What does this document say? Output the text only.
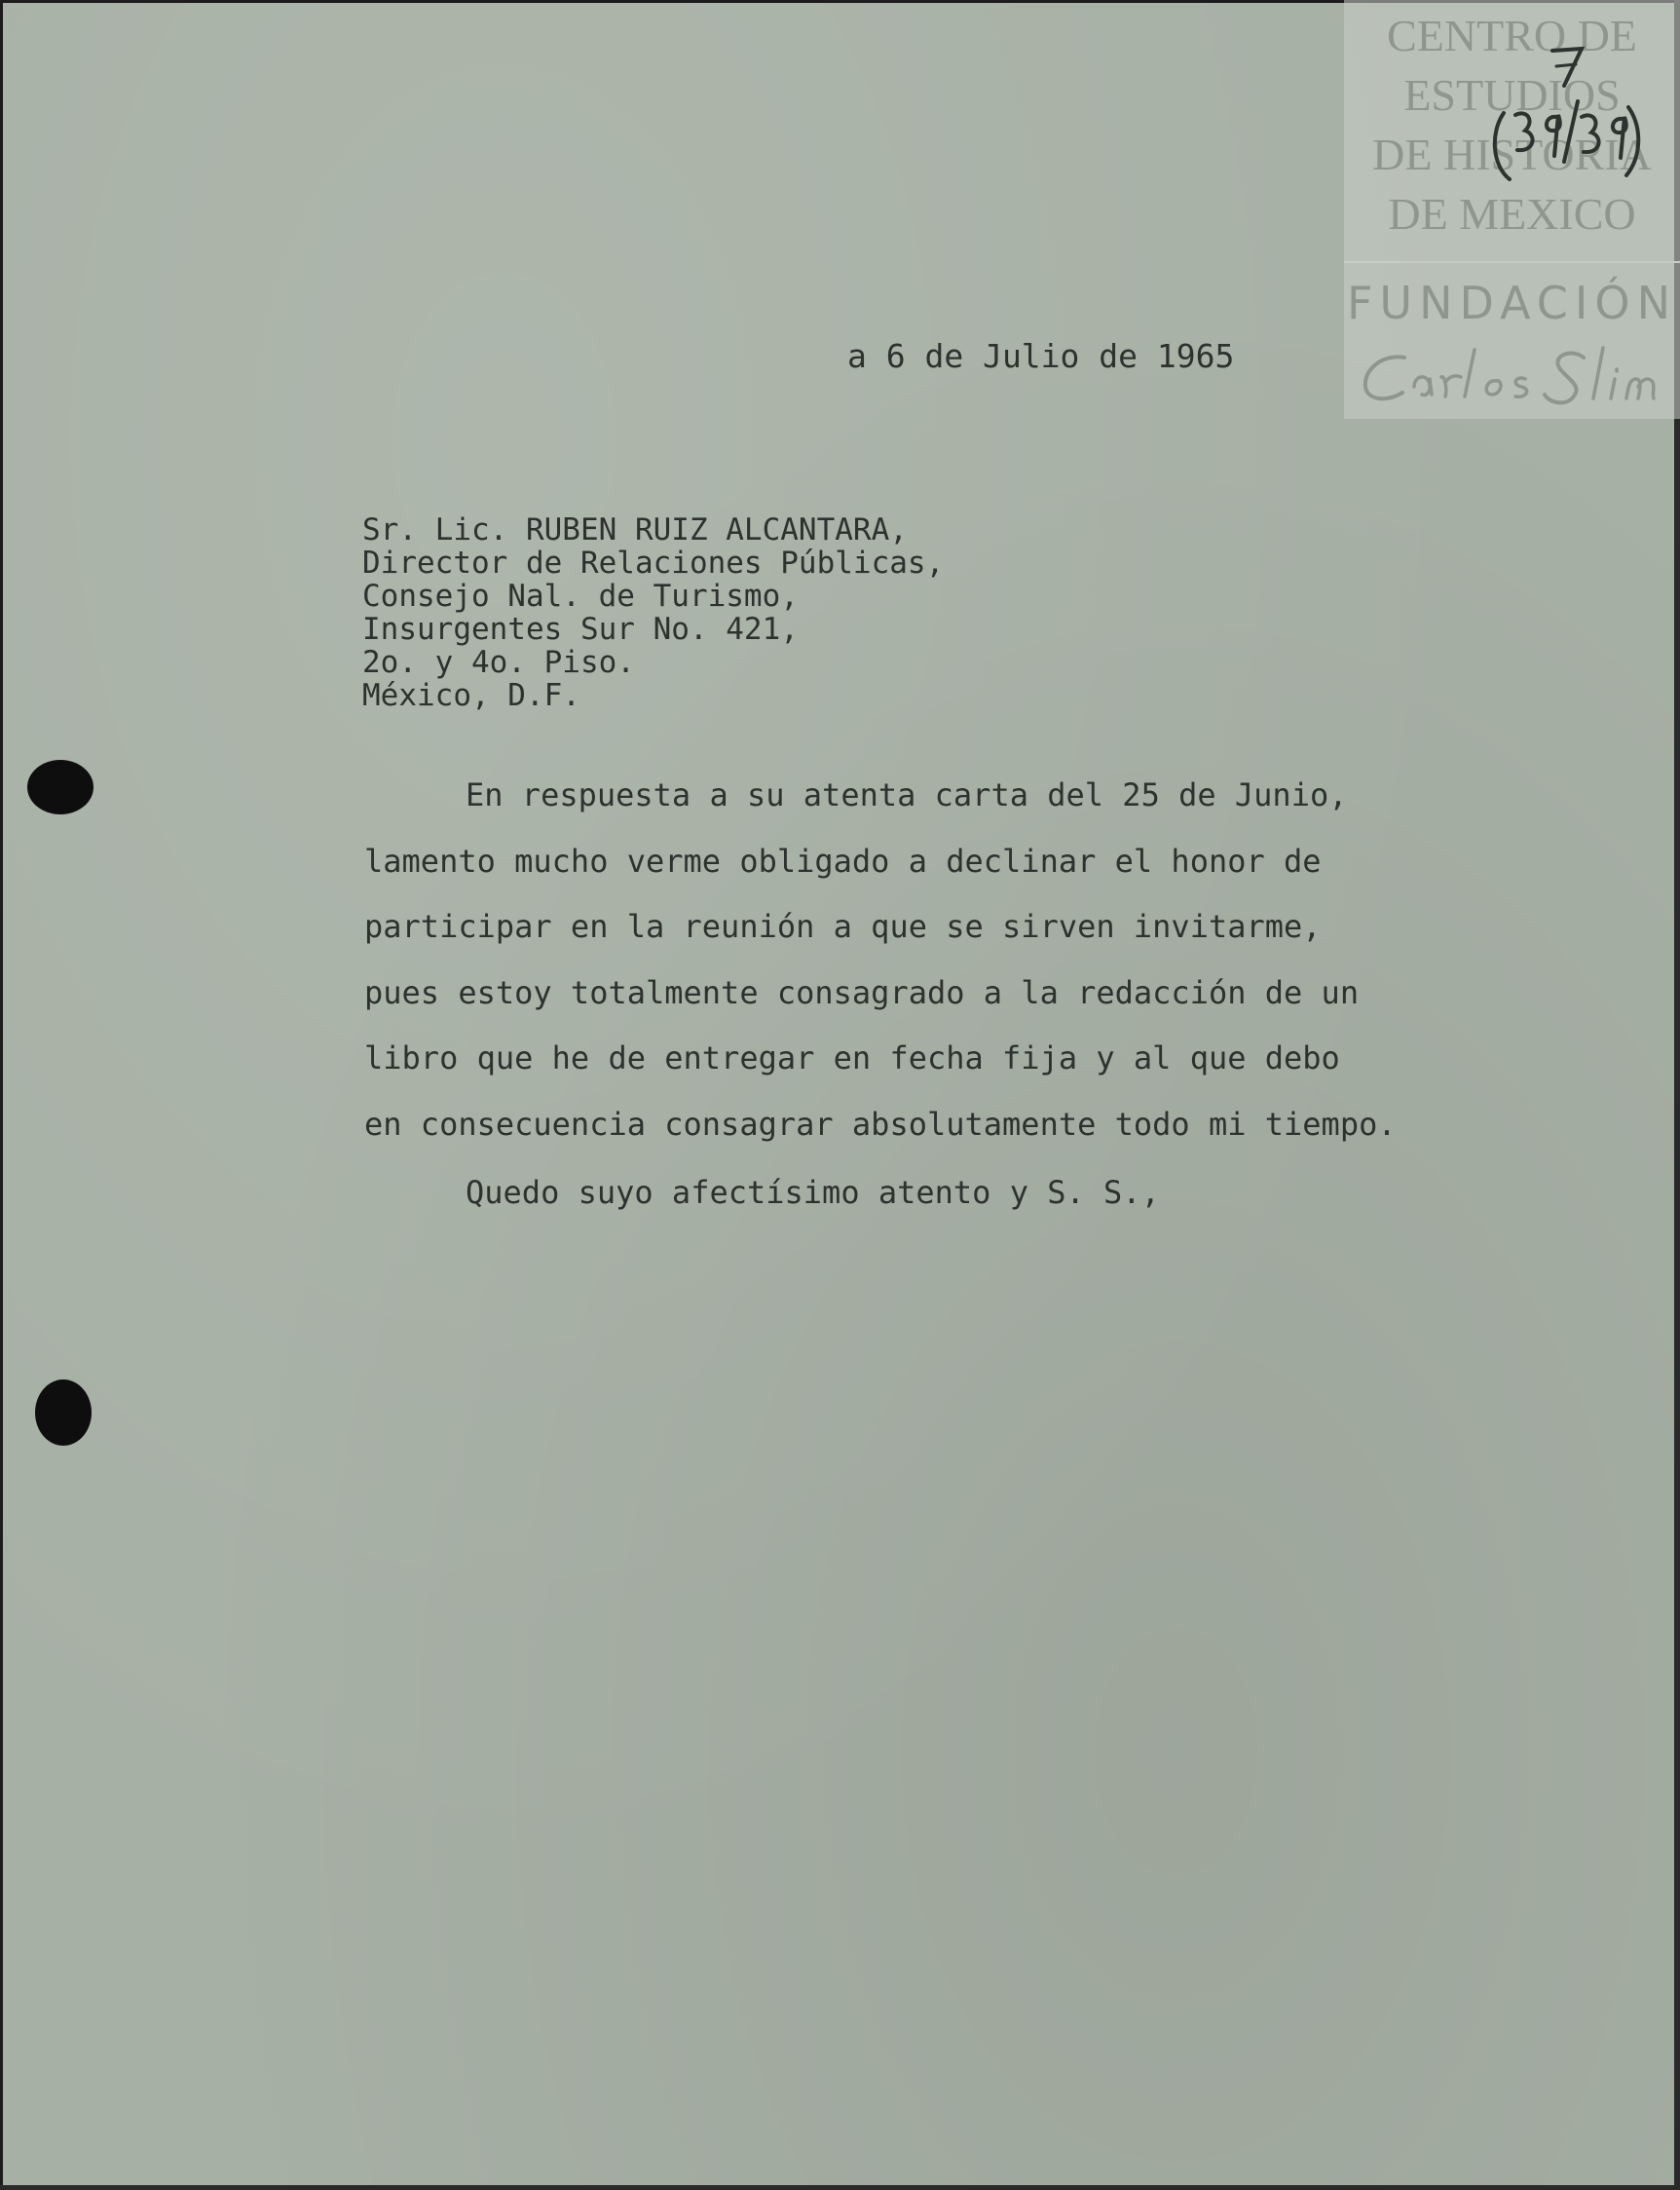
CENTRO DE
ESTUDIOS
DE HISTORIA
DE MEXICO
FUNDACIÓN
a 6 de Julio de 1965
Sr. Lic. RUBEN RUIZ ALCANTARA,
Director de Relaciones Públicas,
Consejo Nal. de Turismo,
Insurgentes Sur No. 421,
2o. y 4o. Piso.
México, D.F.
En respuesta a su atenta carta del 25 de Junio,
lamento mucho verme obligado a declinar el honor de
participar en la reunión a que se sirven invitarme,
pues estoy totalmente consagrado a la redacción de un
libro que he de entregar en fecha fija y al que debo
en consecuencia consagrar absolutamente todo mi tiempo.
Quedo suyo afectísimo atento y S. S.,
